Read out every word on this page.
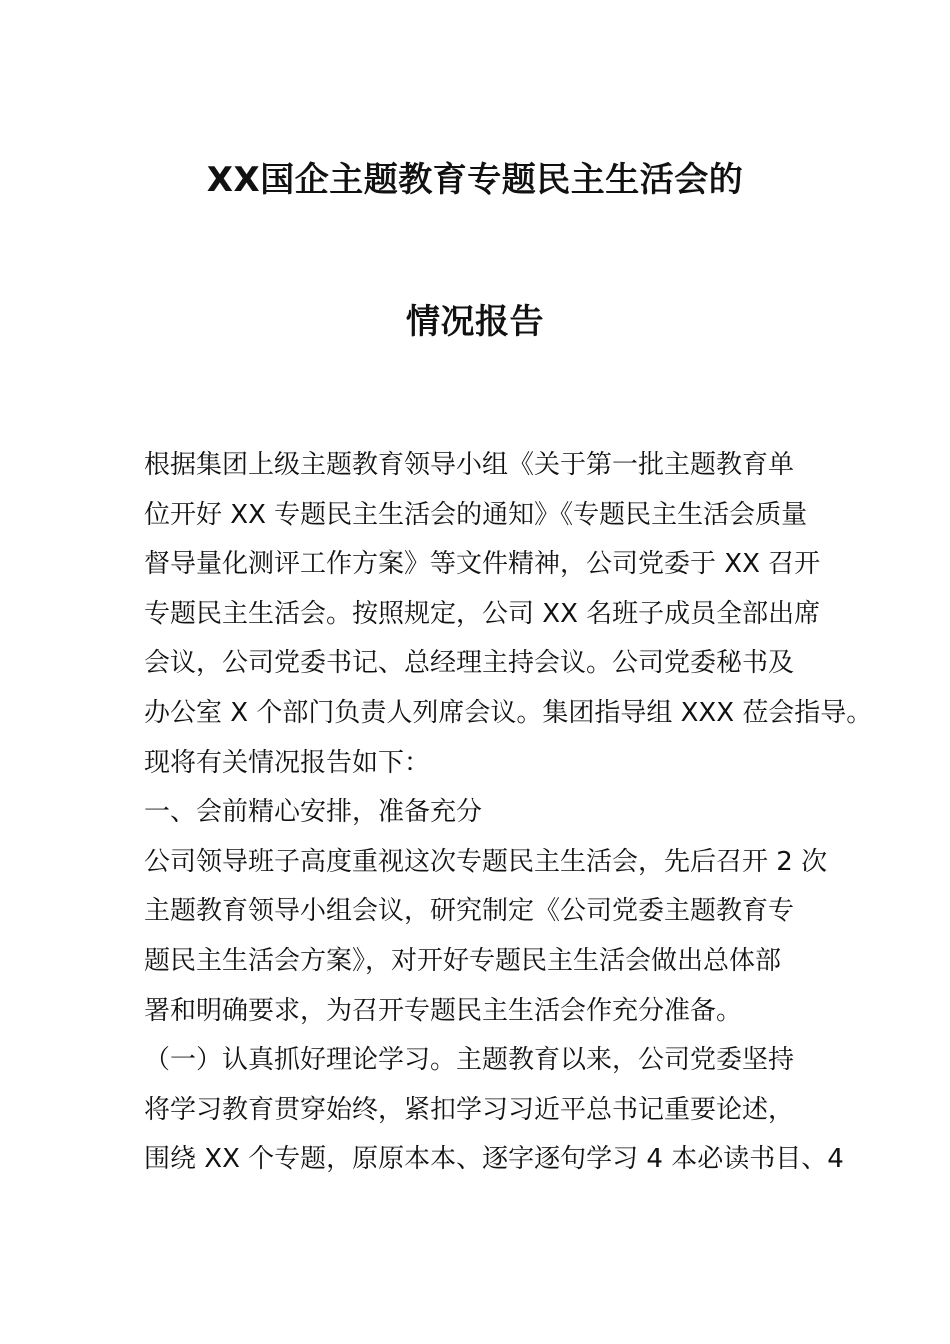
XX国企主题教育专题民主生活会的
情况报告

根据集团上级主题教育领导小组《关于第一批主题教育单

位开好 XX 专题民主生活会的通知》《专题民主生活会质量

督导量化测评工作方案》等文件精神，公司党委于 XX 召开

专题民主生活会。按照规定，公司 XX 名班子成员全部出席

会议，公司党委书记、总经理主持会议。公司党委秘书及

办公室 X 个部门负责人列席会议。集团指导组 XXX 莅会指导。

现将有关情况报告如下：

一、会前精心安排，准备充分

公司领导班子高度重视这次专题民主生活会，先后召开 2 次

主题教育领导小组会议，研究制定《公司党委主题教育专

题民主生活会方案》，对开好专题民主生活会做出总体部

署和明确要求，为召开专题民主生活会作充分准备。

（一）认真抓好理论学习。主题教育以来，公司党委坚持

将学习教育贯穿始终，紧扣学习习近平总书记重要论述，

围绕 XX 个专题，原原本本、逐字逐句学习 4 本必读书目、4
